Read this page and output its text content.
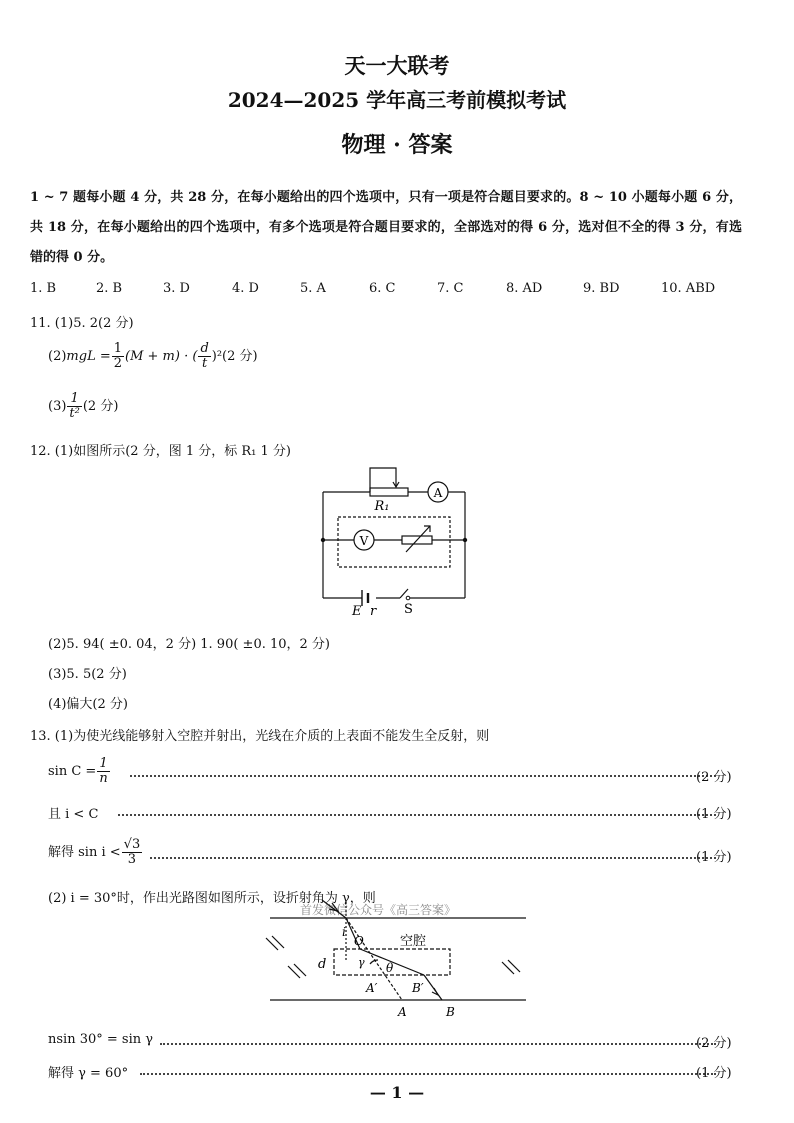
天一大联考
2024—2025 学年高三考前模拟考试
物理 · 答案
1 ~ 7 题每小题 4 分，共 28 分，在每小题给出的四个选项中，只有一项是符合题目要求的。8 ~ 10 小题每小题 6 分，共 18 分，在每小题给出的四个选项中，有多个选项是符合题目要求的，全部选对的得 6 分，选对但不全的得 3 分，有选错的得 0 分。
1. B	2. B	3. D	4. D	5. A	6. C	7. C	8. AD	9. BD	10. ABD
11. (1)5. 2(2 分)
$(2)mgL = \frac{1}{2} (M + m)$ · ( $\frac{d}{t} )^2(2$ 分)
$(3) \frac{1}{\text{t²}} (2$ 分)
12. (1)如图所示(2 分，图 1 分，标 R₁ 1 分)
A
V
R₁
E r S
(2)5. 94( ±0. 04，2 分) 1. 90( ±0. 10，2 分)
(3)5. 5(2 分)
(4)偏大(2 分)
13. (1)为使光线能够射入空腔并射出，光线在介质的上表面不能发生全反射，则
$\sin C = \frac{1}{n}$	(2 分)
且 i < C	(1 分)
解得 $\sin i < \frac{√3}{3}$	(1 分)
(2) i = 30°时，作出光路图如图所示，设折射角为 γ，则
首发微信公众号《高三答案》
i
O
γ
空腔
d	θ
A′	B′
A	B
nsin 30° = sin γ	(2 分)
解得 γ = 60°	(1 分)
— 1 —
